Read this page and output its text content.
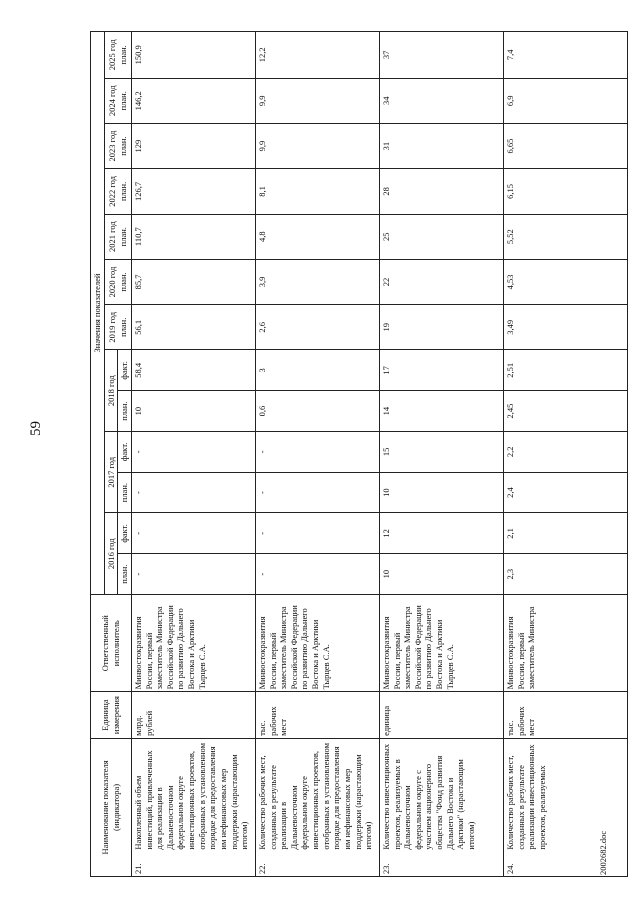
59
2002682.doc
Наименование показателя (индикатора)		Единица измерения	Ответственный исполнитель	Значения показателей												
				2016 год		2017 год		2018 год		2019 год план.	2020 год план.	2021 год план.	2022 год план.	2023 год план.	2024 год план.	2025 год план.
				план.	факт.	план.	факт.	план.	факт.							
21.	Накопленный объем инвестиций, привлеченных для реализации в Дальневосточном федеральном округе инвестиционных проектов, отобранных в установленном порядке для предоставления им нефинансовых мер поддержки (нарастающим итогом)	млрд. рублей	Минвостокразвития России, первый заместитель Министра Российской Федерации по развитию Дальнего Востока и Арктики Тырцев С.А.	-	-	-	-	10	58,4	56,1	85,7	110,7	126,7	129	146,2	150,9
22.	Количество рабочих мест, созданных в результате реализации в Дальневосточном федеральном округе инвестиционных проектов, отобранных в установленном порядке для предоставления им нефинансовых мер поддержки (нарастающим итогом)	тыс. рабочих мест	Минвостокразвития России, первый заместитель Министра Российской Федерации по развитию Дальнего Востока и Арктики Тырцев С.А.	-	-	-	-	0,6	3	2,6	3,9	4,8	8,1	9,9	9,9	12,2
23.	Количество инвестиционных проектов, реализуемых в Дальневосточном федеральном округе с участием акционерного общества "Фонд развития Дальнего Востока и Арктики" (нарастающим итогом)	единица	Минвостокразвития России, первый заместитель Министра Российской Федерации по развитию Дальнего Востока и Арктики Тырцев С.А.	10	12	10	15	14	17	19	22	25	28	31	34	37
24.	Количество рабочих мест, созданных в результате реализации инвестиционных проектов, реализуемых	тыс. рабочих мест	Минвостокразвития России, первый заместитель Министра	2,3	2,1	2,4	2,2	2,45	2,51	3,49	4,53	5,52	6,15	6,65	6,9	7,4
